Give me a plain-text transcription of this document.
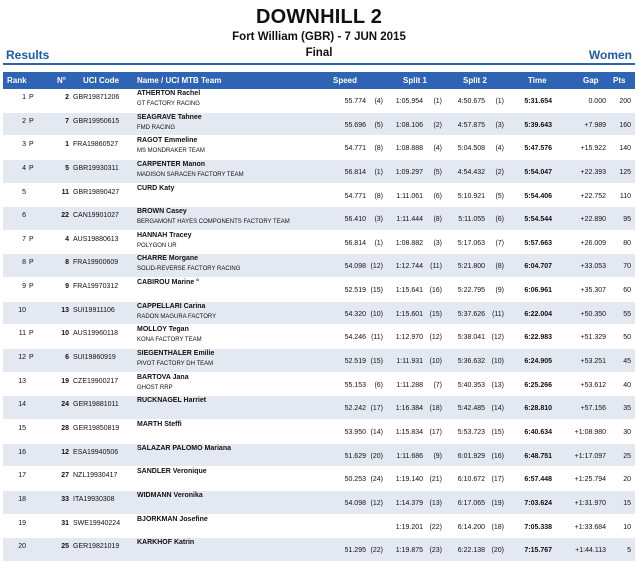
DOWNHILL 2
Fort William (GBR) - 7 JUN 2015
Final
Results	Women
Rank	N° UCI Code Name / UCI MTB Team	Speed	Split 1	Split 2	Time	Gap Pts
1 P	2 GBR19871206
ATHERTON Rachel
GT FACTORY RACING	55.774	(4)	1:05.954	(1)	4:50.675	(1)	5:31.654	0.000	200
2 P	7 GBR19950615
SEAGRAVE Tahnee
FMD RACING	55.696	(5)	1:08.106	(2)	4:57.875	(3)	5:39.643	+7.989	160
3 P	1 FRA19860527
RAGOT Emmeline
MS MONDRAKER TEAM	54.771	(8)	1:08.888	(4)	5:04.508	(4)	5:47.576	+15.922	140
4 P	5 GBR19930311
CARPENTER Manon
MADISON SARACEN FACTORY TEAM	56.814	(1)	1:09.297	(5)	4:54.432	(2)	5:54.047	+22.393	125
5	11 GBR19890427
CURD Katy
54.771	(8)	1:11.061	(6)	5:10.921	(5)	5:54.406	+22.752	110
6	22 CAN19901027
BROWN Casey
BERGAMONT HAYES COMPONENTS FACTORY TEAM	56.410	(3)	1:11.444	(8)	5:11.055	(6)	5:54.544	+22.890	95
7 P	4 AUS19880613
HANNAH Tracey
POLYGON UR	56.814	(1)	1:08.882	(3)	5:17.063	(7)	5:57.663	+26.009	80
8 P	8 FRA19900609
CHARRE Morgane
SOLID-REVERSE FACTORY RACING	54.098 (12)	1:12.744	(11)	5:21.800	(8)	6:04.707	+33.053	70
9 P	9 FRA19970312
CABIROU Marine °
52.519 (15)	1:15.641 (16)	5:22.795	(9)	6:06.961	+35.307	60
10	13 SUI19911106
CAPPELLARI Carina
RADON MAGURA FACTORY	54.320 (10)	1:15.601 (15)	5:37.626	(11)	6:22.004	+50.350	55
11 P	10 AUS19960118
MOLLOY Tegan
KONA FACTORY TEAM	54.246 (11)	1:12.970 (12)	5:38.041 (12)	6:22.983	+51.329	50
12 P	6 SUI19860919
SIEGENTHALER Emilie
PIVOT FACTORY DH TEAM	52.519 (15)	1:11.931 (10)	5:36.632 (10)	6:24.905	+53.251	45
13	19 CZE19900217
BARTOVA Jana
GHOST RRP	55.153	(6)	1:11.288	(7)	5:40.353 (13)	6:25.266	+53.612	40
14	24 GER19881011
RUCKNAGEL Harriet
52.242 (17)	1:16.384 (18)	5:42.485 (14)	6:28.810	+57.156	35
15	28 GER19850819
MARTH Steffi
53.950 (14)	1:15.834 (17)	5:53.723 (15)	6:40.634	+1:08.980	30
16	12 ESA19940506
SALAZAR PALOMO Mariana
51.629 (20)	1:11.686	(9)	6:01.929 (16)	6:48.751	+1:17.097	25
17	27 NZL19930417
SANDLER Veronique
50.253 (24)	1:19.140 (21)	6:10.672 (17)	6:57.448	+1:25.794	20
18	33 ITA19930308
WIDMANN Veronika
54.098 (12)	1:14.379 (13)	6:17.065 (19)	7:03.624	+1:31.970	15
19	31 SWE19940224
BJORKMAN Josefine
1:19.201 (22)	6:14.200 (18)	7:05.338	+1:33.684	10
20	25 GER19821019
KARKHOF Katrin
51.295 (22)	1:19.875 (23)	6:22.138 (20)	7:15.767	+1:44.113	5
